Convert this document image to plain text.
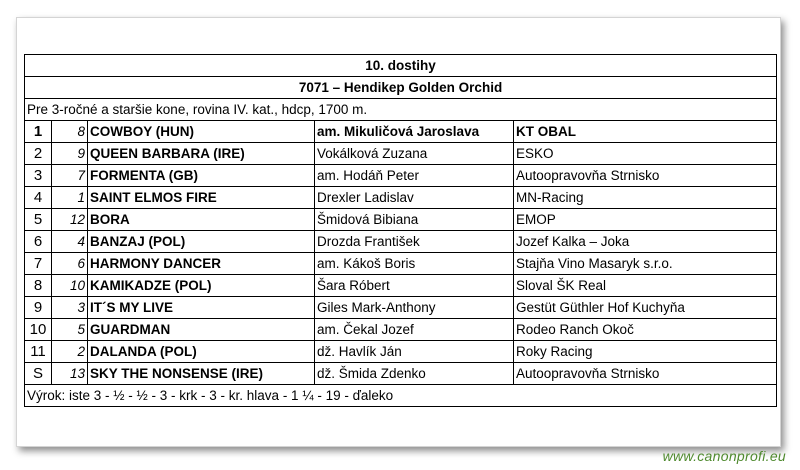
10. dostihy				
7071 – Hendikep Golden Orchid				
Pre 3-ročné a staršie kone, rovina IV. kat., hdcp, 1700 m.				
1	8	COWBOY (HUN)	am. Mikuličová Jaroslava	KT OBAL
2	9	QUEEN BARBARA (IRE)	Vokálková Zuzana	ESKO
3	7	FORMENTA (GB)	am. Hodáň Peter	Autoopravovňa Strnisko
4	1	SAINT ELMOS FIRE	Drexler Ladislav	MN-Racing
5	12	BORA	Šmidová Bibiana	EMOP
6	4	BANZAJ (POL)	Drozda František	Jozef Kalka – Joka
7	6	HARMONY DANCER	am. Kákoš Boris	Stajňa Vino Masaryk s.r.o.
8	10	KAMIKADZE (POL)	Šara Róbert	Sloval ŠK Real
9	3	IT´S MY LIVE	Giles Mark-Anthony	Gestüt Güthler Hof Kuchyňa
10	5	GUARDMAN	am. Čekal Jozef	Rodeo Ranch Okoč
11	2	DALANDA (POL)	dž. Havlík Ján	Roky Racing
S	13	SKY THE NONSENSE (IRE)	dž. Šmida Zdenko	Autoopravovňa Strnisko
Výrok: iste 3 - ½ - ½ - 3 - krk - 3 - kr. hlava - 1 ¼ - 19 - ďaleko				
www.canonprofi.eu
